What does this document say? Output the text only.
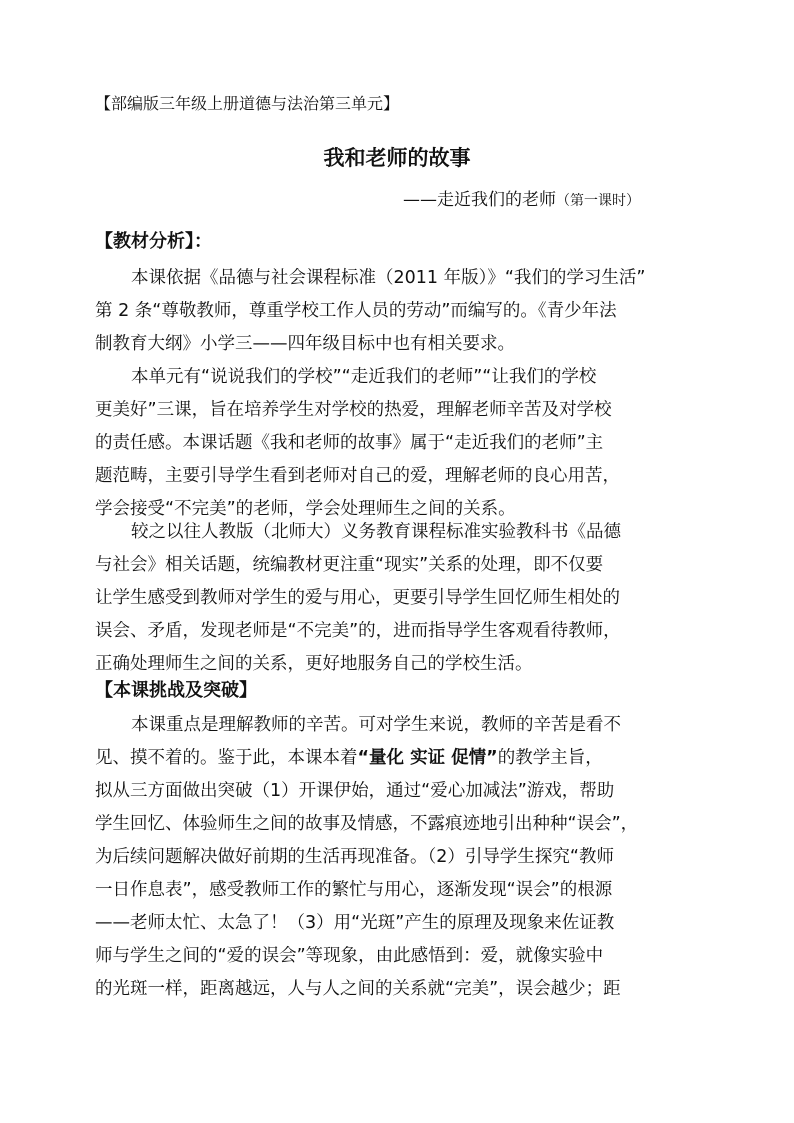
【部编版三年级上册道德与法治第三单元】
我和老师的故事
——走近我们的老师（第一课时）
【教材分析】：
本课依据《品德与社会课程标准（2011 年版）》“我们的学习生活”
第 2 条“尊敬教师，尊重学校工作人员的劳动”而编写的。《青少年法
制教育大纲》小学三——四年级目标中也有相关要求。
本单元有“说说我们的学校”“走近我们的老师”“让我们的学校
更美好”三课，旨在培养学生对学校的热爱，理解老师辛苦及对学校
的责任感。本课话题《我和老师的故事》属于“走近我们的老师”主
题范畴，主要引导学生看到老师对自己的爱，理解老师的良心用苦，
学会接受“不完美”的老师，学会处理师生之间的关系。
较之以往人教版（北师大）义务教育课程标准实验教科书《品德
与社会》相关话题，统编教材更注重“现实”关系的处理，即不仅要
让学生感受到教师对学生的爱与用心，更要引导学生回忆师生相处的
误会、矛盾，发现老师是“不完美”的，进而指导学生客观看待教师，
正确处理师生之间的关系，更好地服务自己的学校生活。
【本课挑战及突破】
本课重点是理解教师的辛苦。可对学生来说，教师的辛苦是看不
见、摸不着的。鉴于此，本课本着“量化 实证 促情”的教学主旨，
拟从三方面做出突破（1）开课伊始，通过“爱心加减法”游戏，帮助
学生回忆、体验师生之间的故事及情感，不露痕迹地引出种种“误会”，
为后续问题解决做好前期的生活再现准备。（2）引导学生探究“教师
一日作息表”，感受教师工作的繁忙与用心，逐渐发现“误会”的根源
——老师太忙、太急了！（3）用“光斑”产生的原理及现象来佐证教
师与学生之间的“爱的误会”等现象，由此感悟到：爱，就像实验中
的光斑一样，距离越远，人与人之间的关系就“完美”，误会越少；距
